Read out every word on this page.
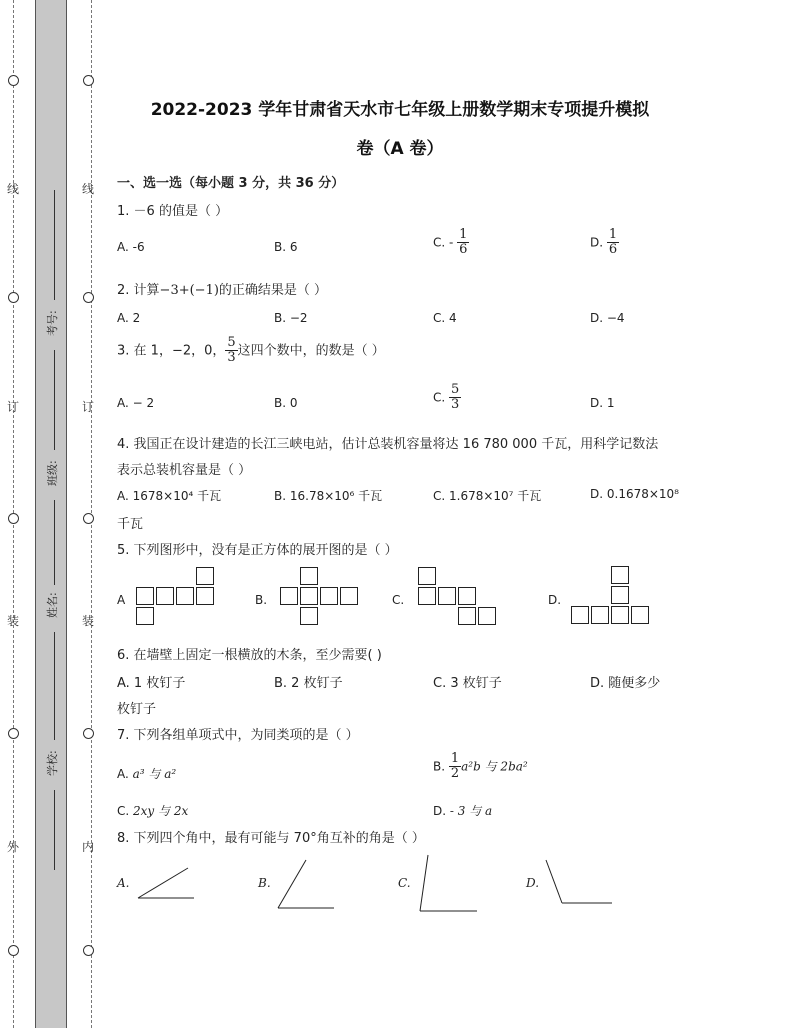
线
订
装
外
线
订
装
内
考号:
班级:
姓名:
学校:
2022-2023 学年甘肃省天水市七年级上册数学期末专项提升模拟
卷（A 卷）
一、选一选（每小题 3 分，共 36 分）
1. －6 的值是（ ）
A. -6	B. 6	C. - $\frac{1}{6}$	D. $\frac{1}{6}$
2. 计算−3+(−1)的正确结果是（ ）
A. 2	B. −2	C. 4	D. −4
3. 在 1，−2，0， $\frac{5}{3}$ 这四个数中，的数是（ ）
A. − 2	B. 0	C. $\frac{5}{3}$	D. 1
4. 我国正在设计建造的长江三峡电站，估计总装机容量将达 16 780 000 千瓦，用科学记数法
表示总装机容量是（ ）
A. 1678×10⁴ 千瓦	B. 16.78×10⁶ 千瓦	C. 1.678×10⁷ 千瓦	D. 0.1678×10⁸
千瓦
5. 下列图形中，没有是正方体的展开图的是（ ）
A	B.	C.	D.
6. 在墙壁上固定一根横放的木条，至少需要( )
A. 1 枚钉子	B. 2 枚钉子	C. 3 枚钉子	D. 随便多少
枚钉子
7. 下列各组单项式中，为同类项的是（ ）
A. a³ 与 a²
B. $\frac{1}{2} a^2b$ 与 2ba²
C. 2xy 与 2x	D. - 3 与 a
8. 下列四个角中，最有可能与 70°角互补的角是（ ）
A.	B.	C.	D.
